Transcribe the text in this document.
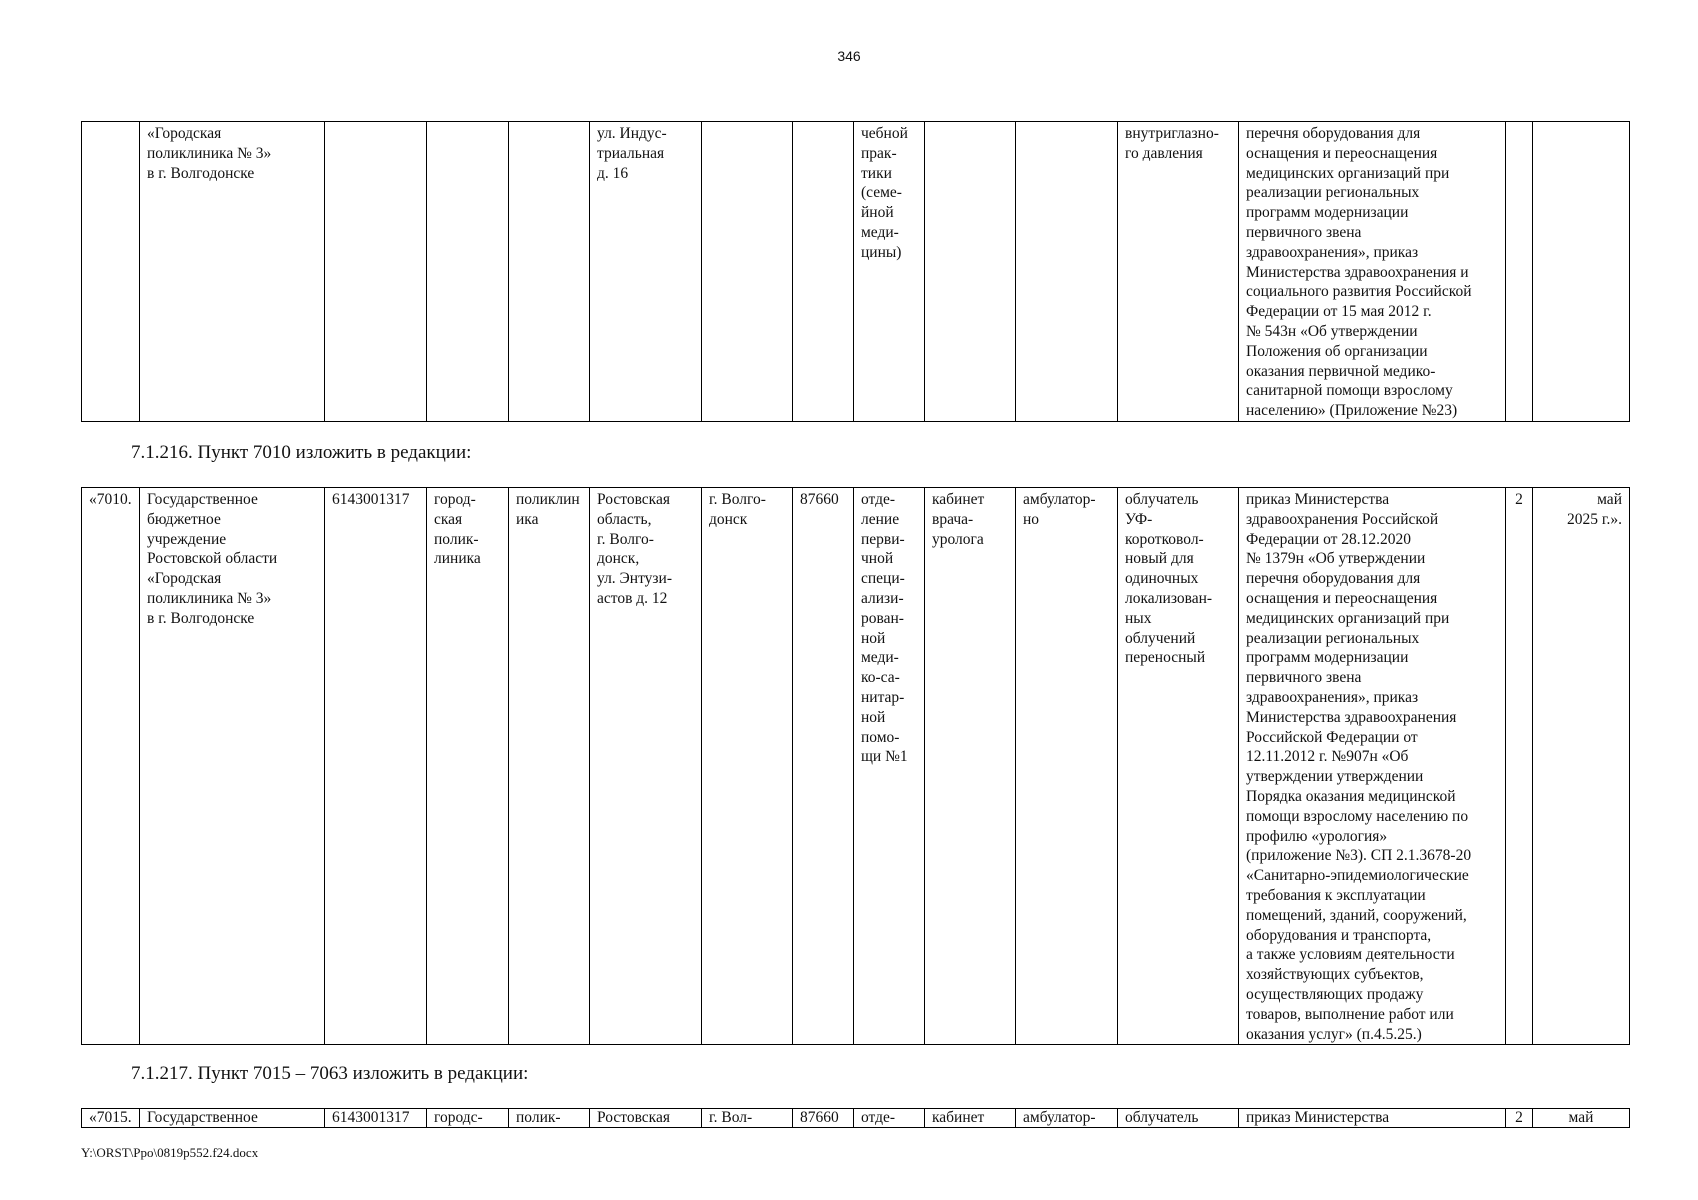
346
	«Городская
поликлиника № 3»
в г. Волгодонске				ул. Индус-
триальная
д. 16			чебной
прак-
тики
(семе-
йной
меди-
цины)			внутриглазно-
го давления	перечня оборудования для
оснащения и переоснащения
медицинских организаций при
реализации региональных
программ модернизации
первичного звена
здравоохранения», приказ
Министерства здравоохранения и
социального развития Российской
Федерации от 15 мая 2012 г.
№ 543н «Об утверждении
Положения об организации
оказания первичной медико-
санитарной помощи взрослому
населению» (Приложение №23)		
7.1.216. Пункт 7010 изложить в редакции:
«7010.	Государственное
бюджетное
учреждение
Ростовской области
«Городская
поликлиника № 3»
в г. Волгодонске	6143001317	город-
ская
полик-
линика	поликлиника	Ростовская
область,
г. Волго-
донск,
ул. Энтузи-
астов д. 12	г. Волго-
донск	87660	отде-
ление
перви-
чной
специ-
ализи-
рован-
ной
меди-
ко-са-
нитар-
ной
помо-
щи №1	кабинет
врача-
уролога	амбулатор-
но	облучатель
УФ-
коротковол-
новый для
одиночных
локализован-
ных
облучений
переносный	приказ Министерства
здравоохранения Российской
Федерации от 28.12.2020
№ 1379н «Об утверждении
перечня оборудования для
оснащения и переоснащения
медицинских организаций при
реализации региональных
программ модернизации
первичного звена
здравоохранения», приказ
Министерства здравоохранения
Российской Федерации от
12.11.2012 г. №907н «Об
утверждении утверждении
Порядка оказания медицинской
помощи взрослому населению по
профилю «урология»
(приложение №3). СП 2.1.3678-20
«Санитарно-эпидемиологические
требования к эксплуатации
помещений, зданий, сооружений,
оборудования и транспорта,
а также условиям деятельности
хозяйствующих субъектов,
осуществляющих продажу
товаров, выполнение работ или
оказания услуг» (п.4.5.25.)	2	май
2025 г.».
7.1.217. Пункт 7015 – 7063 изложить в редакции:
«7015.	Государственное	6143001317	городс-	полик-	Ростовская	г. Вол-	87660	отде-	кабинет	амбулатор-	облучатель	приказ Министерства	2	май
Y:\ORST\Ppo\0819p552.f24.docx
